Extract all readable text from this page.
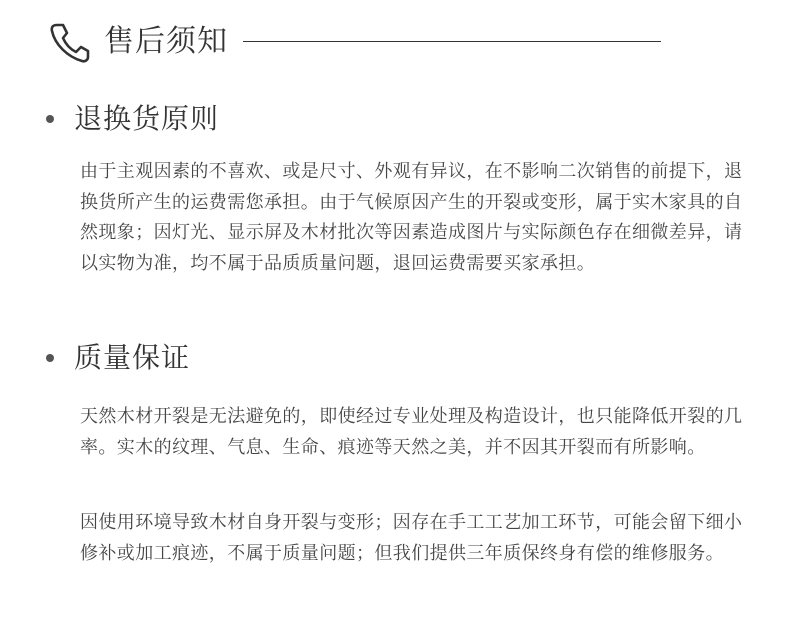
售后须知
退换货原则

由于主观因素的不喜欢、或是尺寸、外观有异议，在不影响二次销售的前提下，退换货所产生的运费需您承担。由于气候原因产生的开裂或变形，属于实木家具的自然现象；因灯光、显示屏及木材批次等因素造成图片与实际颜色存在细微差异，请以实物为准，均不属于品质质量问题，退回运费需要买家承担。

质量保证

天然木材开裂是无法避免的，即使经过专业处理及构造设计，也只能降低开裂的几率。实木的纹理、气息、生命、痕迹等天然之美，并不因其开裂而有所影响。

因使用环境导致木材自身开裂与变形；因存在手工工艺加工环节，可能会留下细小修补或加工痕迹，不属于质量问题；但我们提供三年质保终身有偿的维修服务。
